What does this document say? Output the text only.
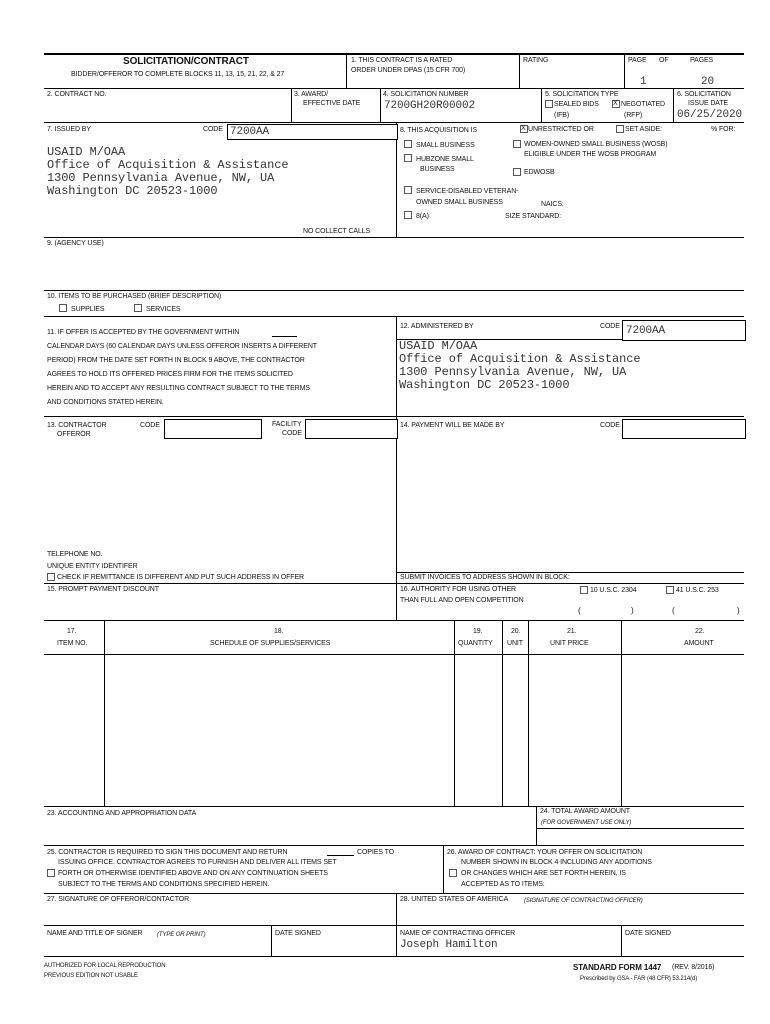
SOLICITATION/CONTRACT
BIDDER/OFFEROR TO COMPLETE BLOCKS 11, 13, 15, 21, 22, & 27
1. THIS CONTRACT IS A RATED
ORDER UNDER DPAS (15 CFR 700)
RATING	PAGE OF	PAGES
1	20
2. CONTRACT NO.	3. AWARD/
EFFECTIVE DATE
4. SOLICITATION NUMBER
7200GH20R00002
5. SOLICITATION TYPE
SEALED BIDS
(IFB)
X
NEGOTIATED
(RFP)
6. SOLICITATION
ISSUE DATE
06/25/2020
7. ISSUED BY	CODE 7200AA
USAID M/OAA
Office of Acquisition & Assistance
1300 Pennsylvania Avenue, NW, UA
Washington DC 20523-1000
NO COLLECT CALLS
8. THIS ACQUISITION IS
X	UNRESTRICTED OR	SET ASIDE:	% FOR:
SMALL BUSINESS
HUBZONE SMALL
BUSINESS
WOMEN-OWNED SMALL BUSINESS (WOSB)
ELIGIBLE UNDER THE WOSB PROGRAM
EDWOSB
SERVICE-DISABLED VETERAN-
OWNED SMALL BUSINESS
8(A)
NAICS:
SIZE STANDARD:
9. (AGENCY USE)
10. ITEMS TO BE PURCHASED (BRIEF DESCRIPTION)
SUPPLIES	SERVICES
11. IF OFFER IS ACCEPTED BY THE GOVERNMENT WITHIN
CALENDAR DAYS (60 CALENDAR DAYS UNLESS OFFEROR INSERTS A DIFFERENT
PERIOD) FROM THE DATE SET FORTH IN BLOCK 9 ABOVE, THE CONTRACTOR
AGREES TO HOLD ITS OFFERED PRICES FIRM FOR THE ITEMS SOLICITED
HEREIN AND TO ACCEPT ANY RESULTING CONTRACT SUBJECT TO THE TERMS
AND CONDITIONS STATED HEREIN.
12. ADMINISTERED BY	CODE 7200AA
USAID M/OAA
Office of Acquisition & Assistance
1300 Pennsylvania Avenue, NW, UA
Washington DC 20523-1000
13. CONTRACTOR
OFFEROR
CODE	FACILITY
CODE
TELEPHONE NO.
UNIQUE ENTITY IDENTIFER
CHECK IF REMITTANCE IS DIFFERENT AND PUT SUCH ADDRESS IN OFFER
14. PAYMENT WILL BE MADE BY	CODE
SUBMIT INVOICES TO ADDRESS SHOWN IN BLOCK:
15. PROMPT PAYMENT DISCOUNT	16. AUTHORITY FOR USING OTHER
THAN FULL AND OPEN COMPETITION
10 U.S.C. 2304	41 U.S.C. 253
(	)	(	)
17.
ITEM NO.
18.
SCHEDULE OF SUPPLIES/SERVICES
19.
QUANTITY
20.
UNIT
21.
UNIT PRICE
22.
AMOUNT
23. ACCOUNTING AND APPROPRIATION DATA	24. TOTAL AWARD AMOUNT
(FOR GOVERNMENT USE ONLY)
25. CONTRACTOR IS REQUIRED TO SIGN THIS DOCUMENT AND RETURN	COPIES TO
ISSUING OFFICE. CONTRACTOR AGREES TO FURNISH AND DELIVER ALL ITEMS SET
FORTH OR OTHERWISE IDENTIFIED ABOVE AND ON ANY CONTINUATION SHEETS
SUBJECT TO THE TERMS AND CONDITIONS SPECIFIED HEREIN.
26. AWARD OF CONTRACT: YOUR OFFER ON SOLICITATION
NUMBER SHOWN IN BLOCK 4 INCLUDING ANY ADDITIONS
OR CHANGES WHICH ARE SET FORTH HEREIN, IS
ACCEPTED AS TO ITEMS:
27. SIGNATURE OF OFFEROR/CONTACTOR	28. UNITED STATES OF AMERICA	(SIGNATURE OF CONTRACTING OFFICER)
NAME AND TITLE OF SIGNER (TYPE OR PRINT)	DATE SIGNED	NAME OF CONTRACTING OFFICER
Joseph Hamilton
DATE SIGNED
AUTHORIZED FOR LOCAL REPRODUCTION
PREVIOUS EDITION NOT USABLE
STANDARD FORM 1447 (REV. 8/2016)
Prescribed by GSA - FAR (48 CFR) 53.214(d)
